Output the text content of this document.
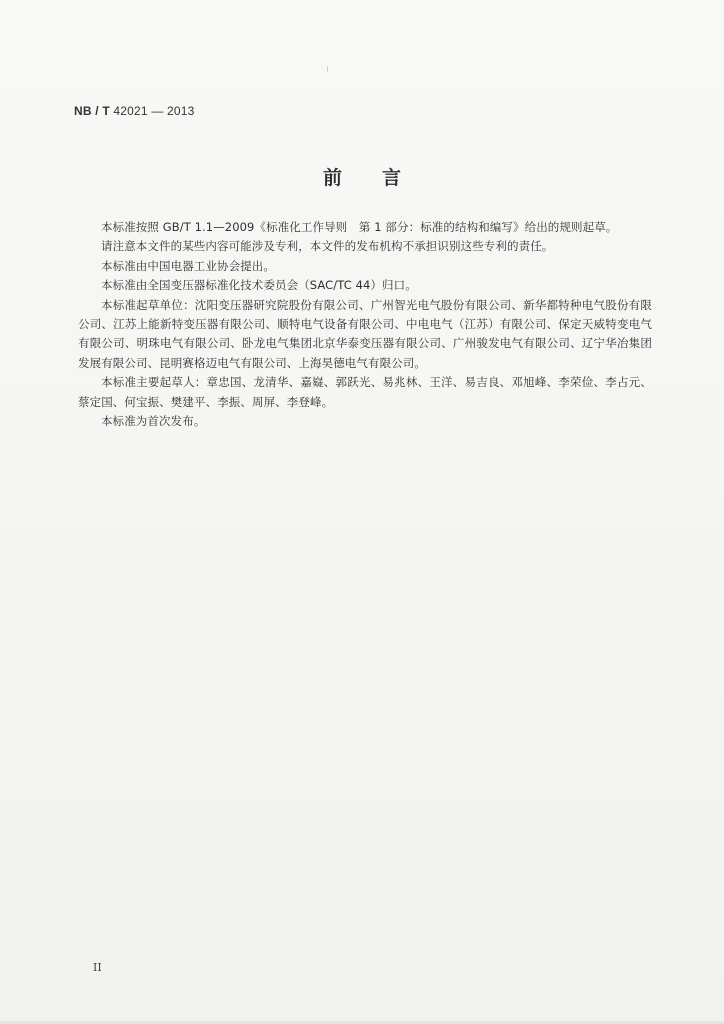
NB / T 42021 — 2013
前 言

本标准按照 GB/T 1.1—2009《标准化工作导则　第 1 部分：标准的结构和编写》给出的规则起草。

请注意本文件的某些内容可能涉及专利，本文件的发布机构不承担识别这些专利的责任。

本标准由中国电器工业协会提出。

本标准由全国变压器标准化技术委员会（SAC/TC 44）归口。

本标准起草单位：沈阳变压器研究院股份有限公司、广州智光电气股份有限公司、新华都特种电气股份有限公司、江苏上能新特变压器有限公司、顺特电气设备有限公司、中电电气（江苏）有限公司、保定天威特变电气有限公司、明珠电气有限公司、卧龙电气集团北京华泰变压器有限公司、广州骏发电气有限公司、辽宁华冶集团发展有限公司、昆明赛格迈电气有限公司、上海昊德电气有限公司。

本标准主要起草人：章忠国、龙清华、嘉嶷、郭跃光、易兆林、王洋、易吉良、邓旭峰、李荣俭、李占元、蔡定国、何宝振、樊建平、李振、周屏、李登峰。

本标准为首次发布。

II
